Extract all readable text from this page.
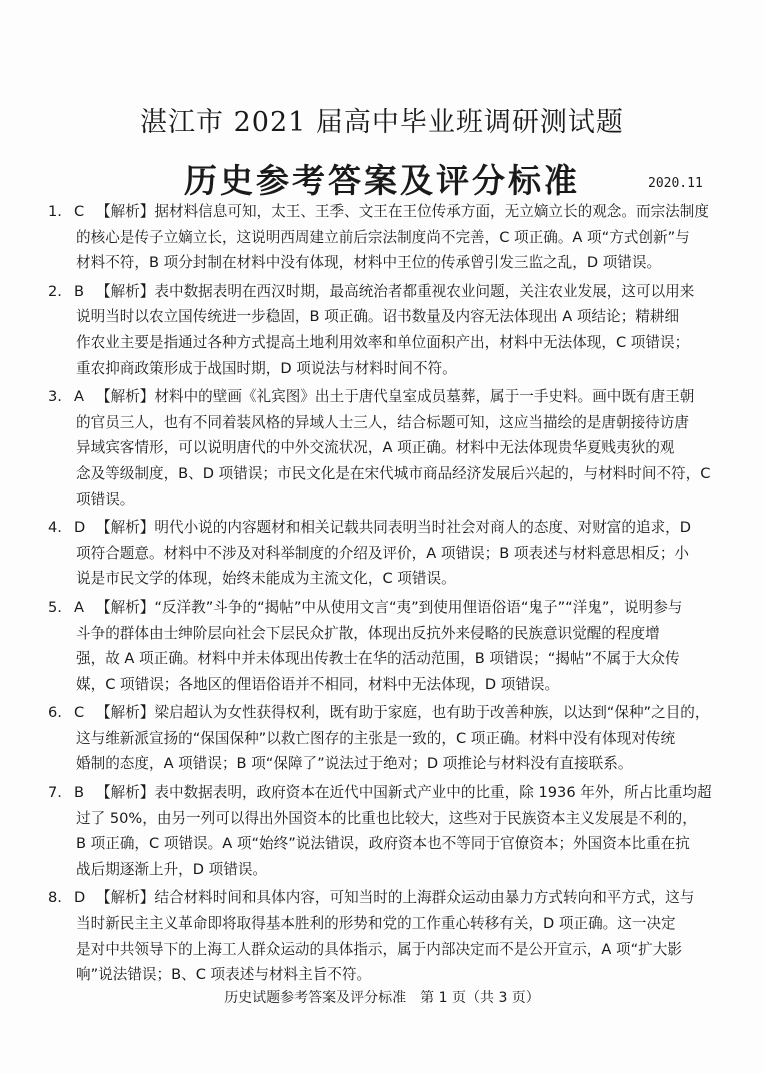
湛江市 2021 届高中毕业班调研测试题
历史参考答案及评分标准	2020.11
1. C 【解析】据材料信息可知，太王、王季、文王在王位传承方面，无立嫡立长的观念。而宗法制度
的核心是传子立嫡立长，这说明西周建立前后宗法制度尚不完善，C 项正确。A 项“方式创新”与
材料不符，B 项分封制在材料中没有体现，材料中王位的传承曾引发三监之乱，D 项错误。
2. B 【解析】表中数据表明在西汉时期，最高统治者都重视农业问题，关注农业发展，这可以用来
说明当时以农立国传统进一步稳固，B 项正确。诏书数量及内容无法体现出 A 项结论；精耕细
作农业主要是指通过各种方式提高土地利用效率和单位面积产出，材料中无法体现，C 项错误；
重农抑商政策形成于战国时期，D 项说法与材料时间不符。
3. A 【解析】材料中的壁画《礼宾图》出土于唐代皇室成员墓葬，属于一手史料。画中既有唐王朝
的官员三人，也有不同着装风格的异域人士三人，结合标题可知，这应当描绘的是唐朝接待访唐
异域宾客情形，可以说明唐代的中外交流状况，A 项正确。材料中无法体现贵华夏贱夷狄的观
念及等级制度，B、D 项错误；市民文化是在宋代城市商品经济发展后兴起的，与材料时间不符，C
项错误。
4. D 【解析】明代小说的内容题材和相关记载共同表明当时社会对商人的态度、对财富的追求，D
项符合题意。材料中不涉及对科举制度的介绍及评价，A 项错误；B 项表述与材料意思相反；小
说是市民文学的体现，始终未能成为主流文化，C 项错误。
5. A 【解析】“反洋教”斗争的“揭帖”中从使用文言“夷”到使用俚语俗语“鬼子”“洋鬼”，说明参与
斗争的群体由士绅阶层向社会下层民众扩散，体现出反抗外来侵略的民族意识觉醒的程度增
强，故 A 项正确。材料中并未体现出传教士在华的活动范围，B 项错误；“揭帖”不属于大众传
媒，C 项错误；各地区的俚语俗语并不相同，材料中无法体现，D 项错误。
6. C 【解析】梁启超认为女性获得权利，既有助于家庭，也有助于改善种族，以达到“保种”之目的，
这与维新派宣扬的“保国保种”以救亡图存的主张是一致的，C 项正确。材料中没有体现对传统
婚制的态度，A 项错误；B 项“保障了”说法过于绝对；D 项推论与材料没有直接联系。
7. B 【解析】表中数据表明，政府资本在近代中国新式产业中的比重，除 1936 年外，所占比重均超
过了 50%，由另一列可以得出外国资本的比重也比较大，这些对于民族资本主义发展是不利的，
B 项正确，C 项错误。A 项“始终”说法错误，政府资本也不等同于官僚资本；外国资本比重在抗
战后期逐渐上升，D 项错误。
8. D 【解析】结合材料时间和具体内容，可知当时的上海群众运动由暴力方式转向和平方式，这与
当时新民主主义革命即将取得基本胜利的形势和党的工作重心转移有关，D 项正确。这一决定
是对中共领导下的上海工人群众运动的具体指示，属于内部决定而不是公开宣示，A 项“扩大影
响”说法错误；B、C 项表述与材料主旨不符。
历史试题参考答案及评分标准　第 1 页（共 3 页）
